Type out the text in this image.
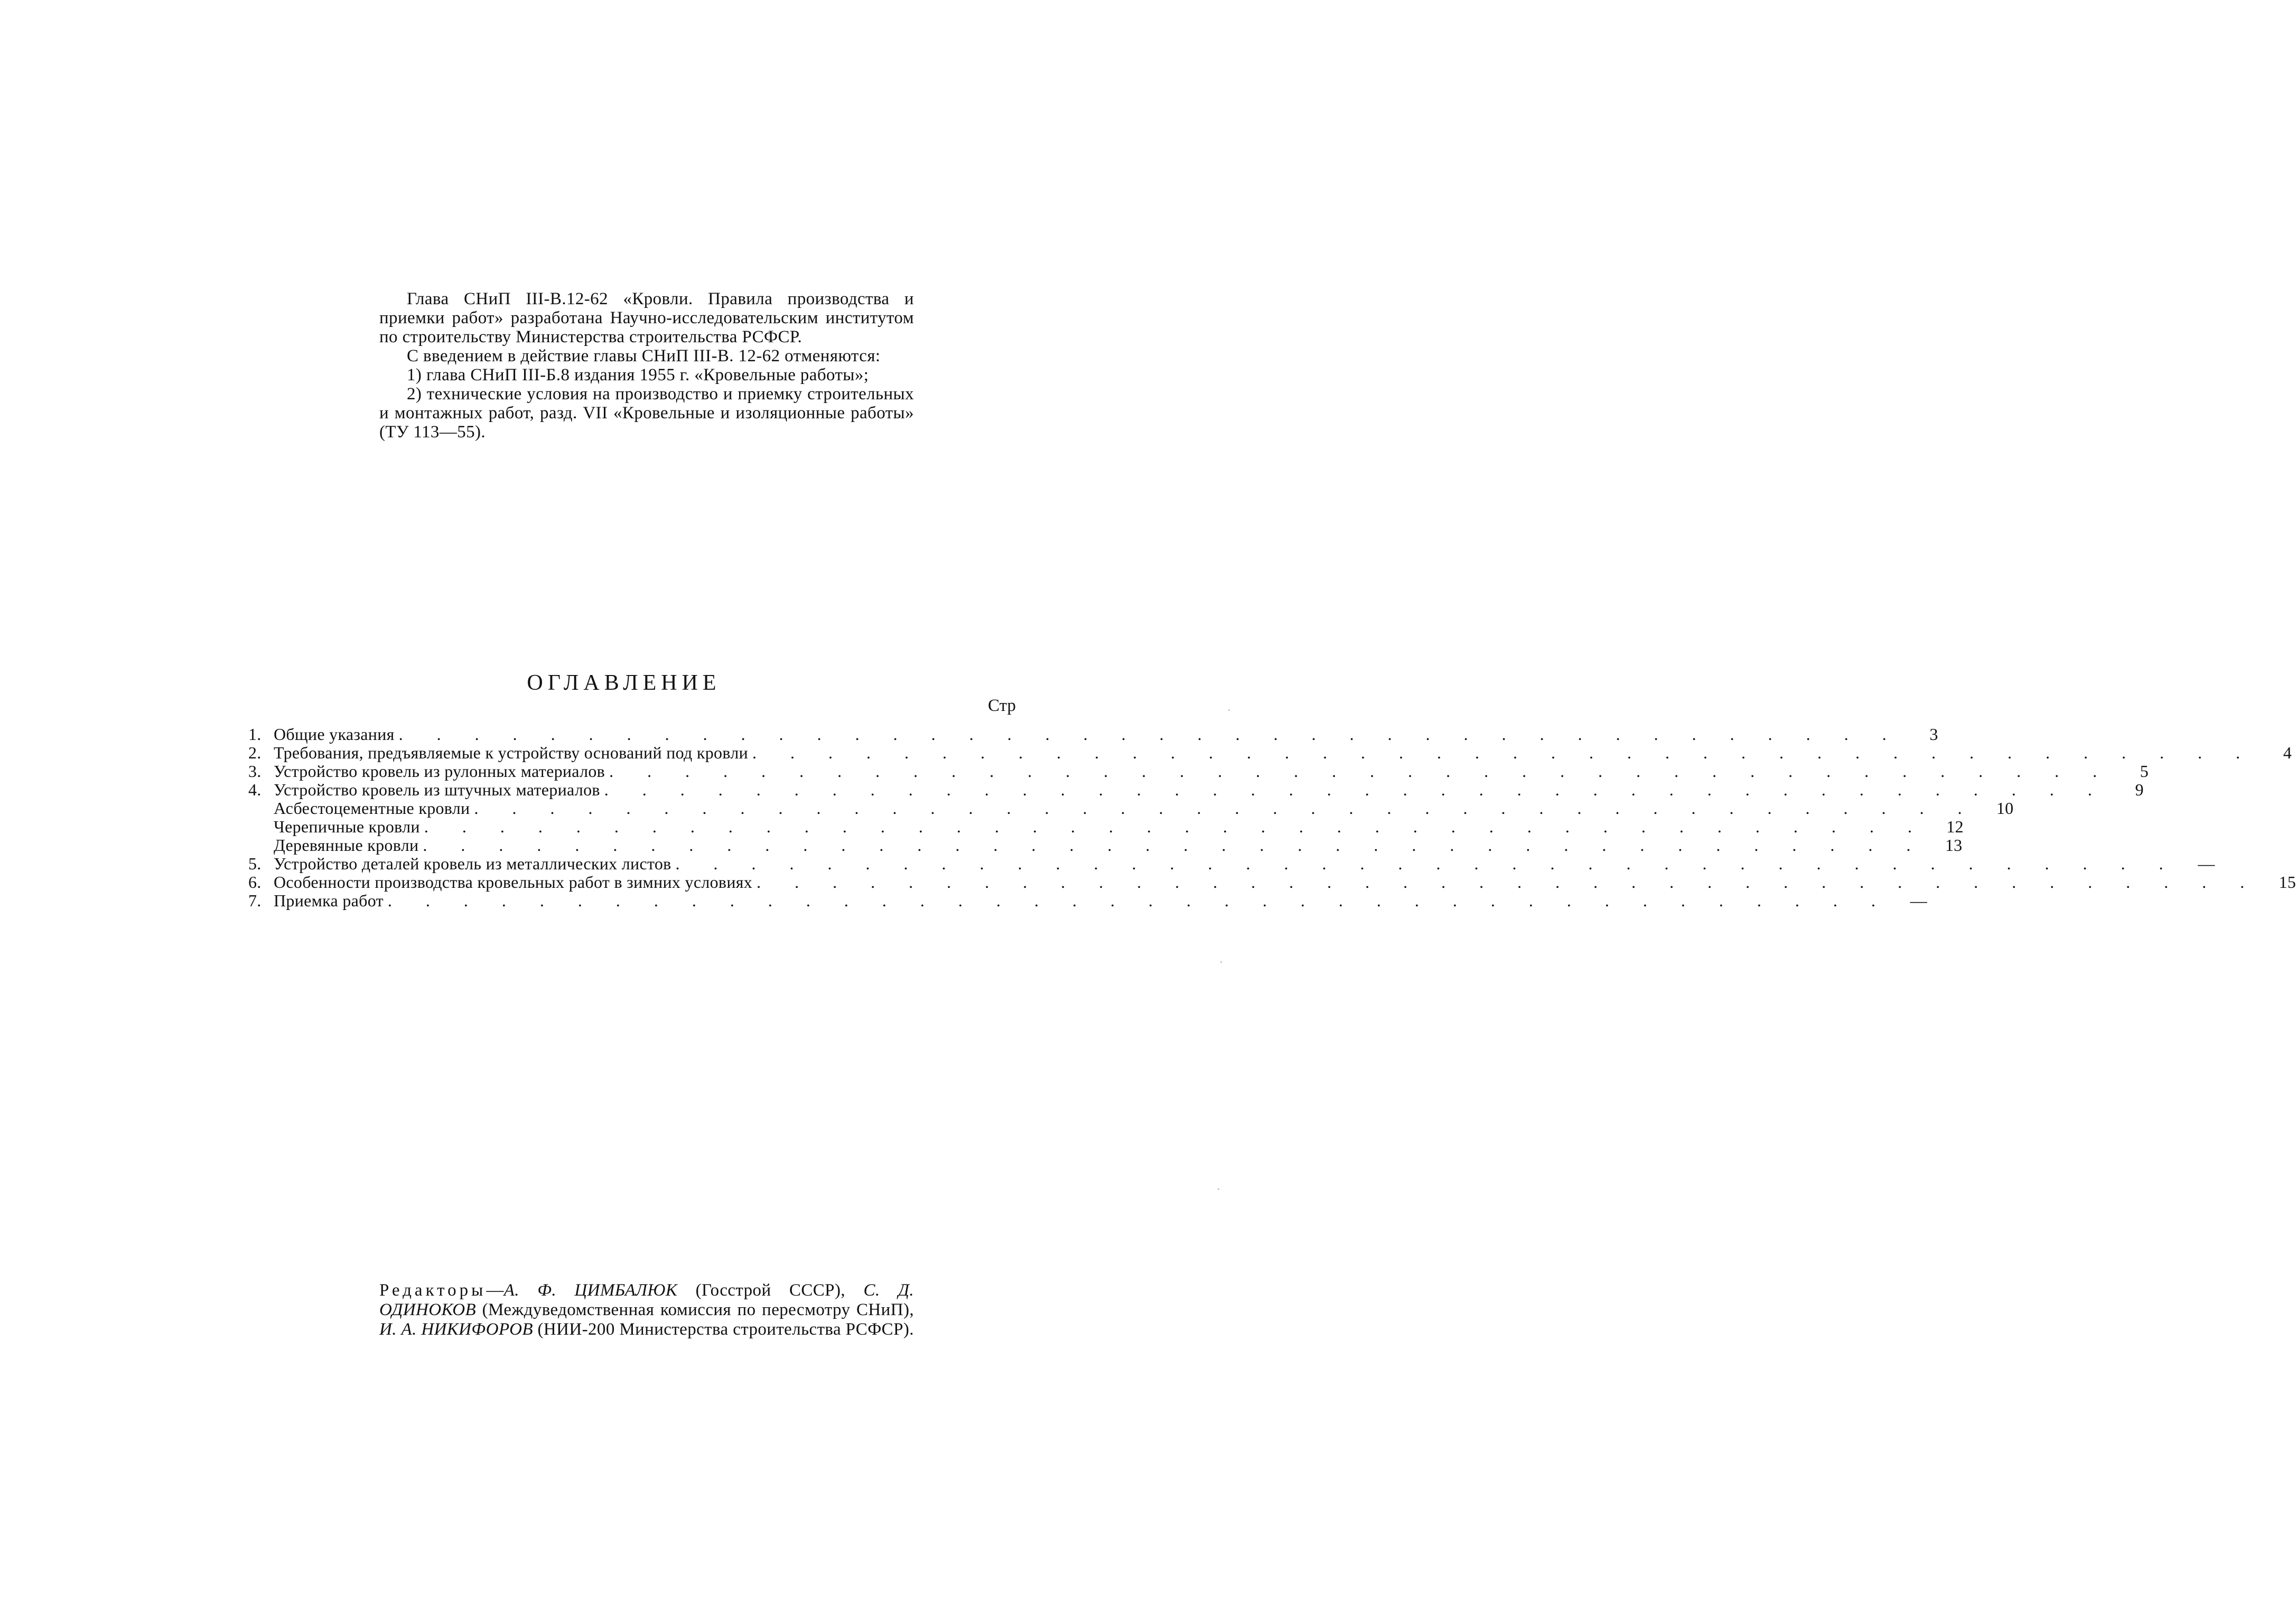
Глава СНиП III-В.12-62 «Кровли. Правила производства и приемки работ» разработана Научно-исследовательским институтом по строительству Министерства строительства РСФСР.

С введением в действие главы СНиП III-В. 12-62 отменяются:

1) глава СНиП III-Б.8 издания 1955 г. «Кровельные работы»;

2) технические условия на производство и приемку строительных и монтажных работ, разд. VII «Кровельные и изоляционные работы» (ТУ 113—55).

ОГЛАВЛЕНИЕ
Стр
1. Общие указания . . . . . . . . . . . . . . . . . . . . . . . . . . . . . . . . . . . . . . . .	3
2. Требования, предъявляемые к устройству оснований под кровли . . . . . . . . . . . . . . . . . . . . . . . . . . . . . . . . . . . . . . . .	4
3. Устройство кровель из рулонных материалов . . . . . . . . . . . . . . . . . . . . . . . . . . . . . . . . . . . . . . . .	5
4. Устройство кровель из штучных материалов . . . . . . . . . . . . . . . . . . . . . . . . . . . . . . . . . . . . . . . .	9
Асбестоцементные кровли . . . . . . . . . . . . . . . . . . . . . . . . . . . . . . . . . . . . . . . .	10
Черепичные кровли . . . . . . . . . . . . . . . . . . . . . . . . . . . . . . . . . . . . . . . .	12
Деревянные кровли . . . . . . . . . . . . . . . . . . . . . . . . . . . . . . . . . . . . . . . .	13
5. Устройство деталей кровель из металлических листов . . . . . . . . . . . . . . . . . . . . . . . . . . . . . . . . . . . . . . . .	—
6. Особенности производства кровельных работ в зимних условиях . . . . . . . . . . . . . . . . . . . . . . . . . . . . . . . . . . . . . . . .	15
7. Приемка работ . . . . . . . . . . . . . . . . . . . . . . . . . . . . . . . . . . . . . . . .	—
Редакторы—А. Ф. ЦИМБАЛЮК (Госстрой СССР), С. Д. ОДИНОКОВ (Междуведомственная комиссия по пересмотру СНиП), И. А. НИКИФОРОВ (НИИ-200 Министерства строительства РСФСР).
